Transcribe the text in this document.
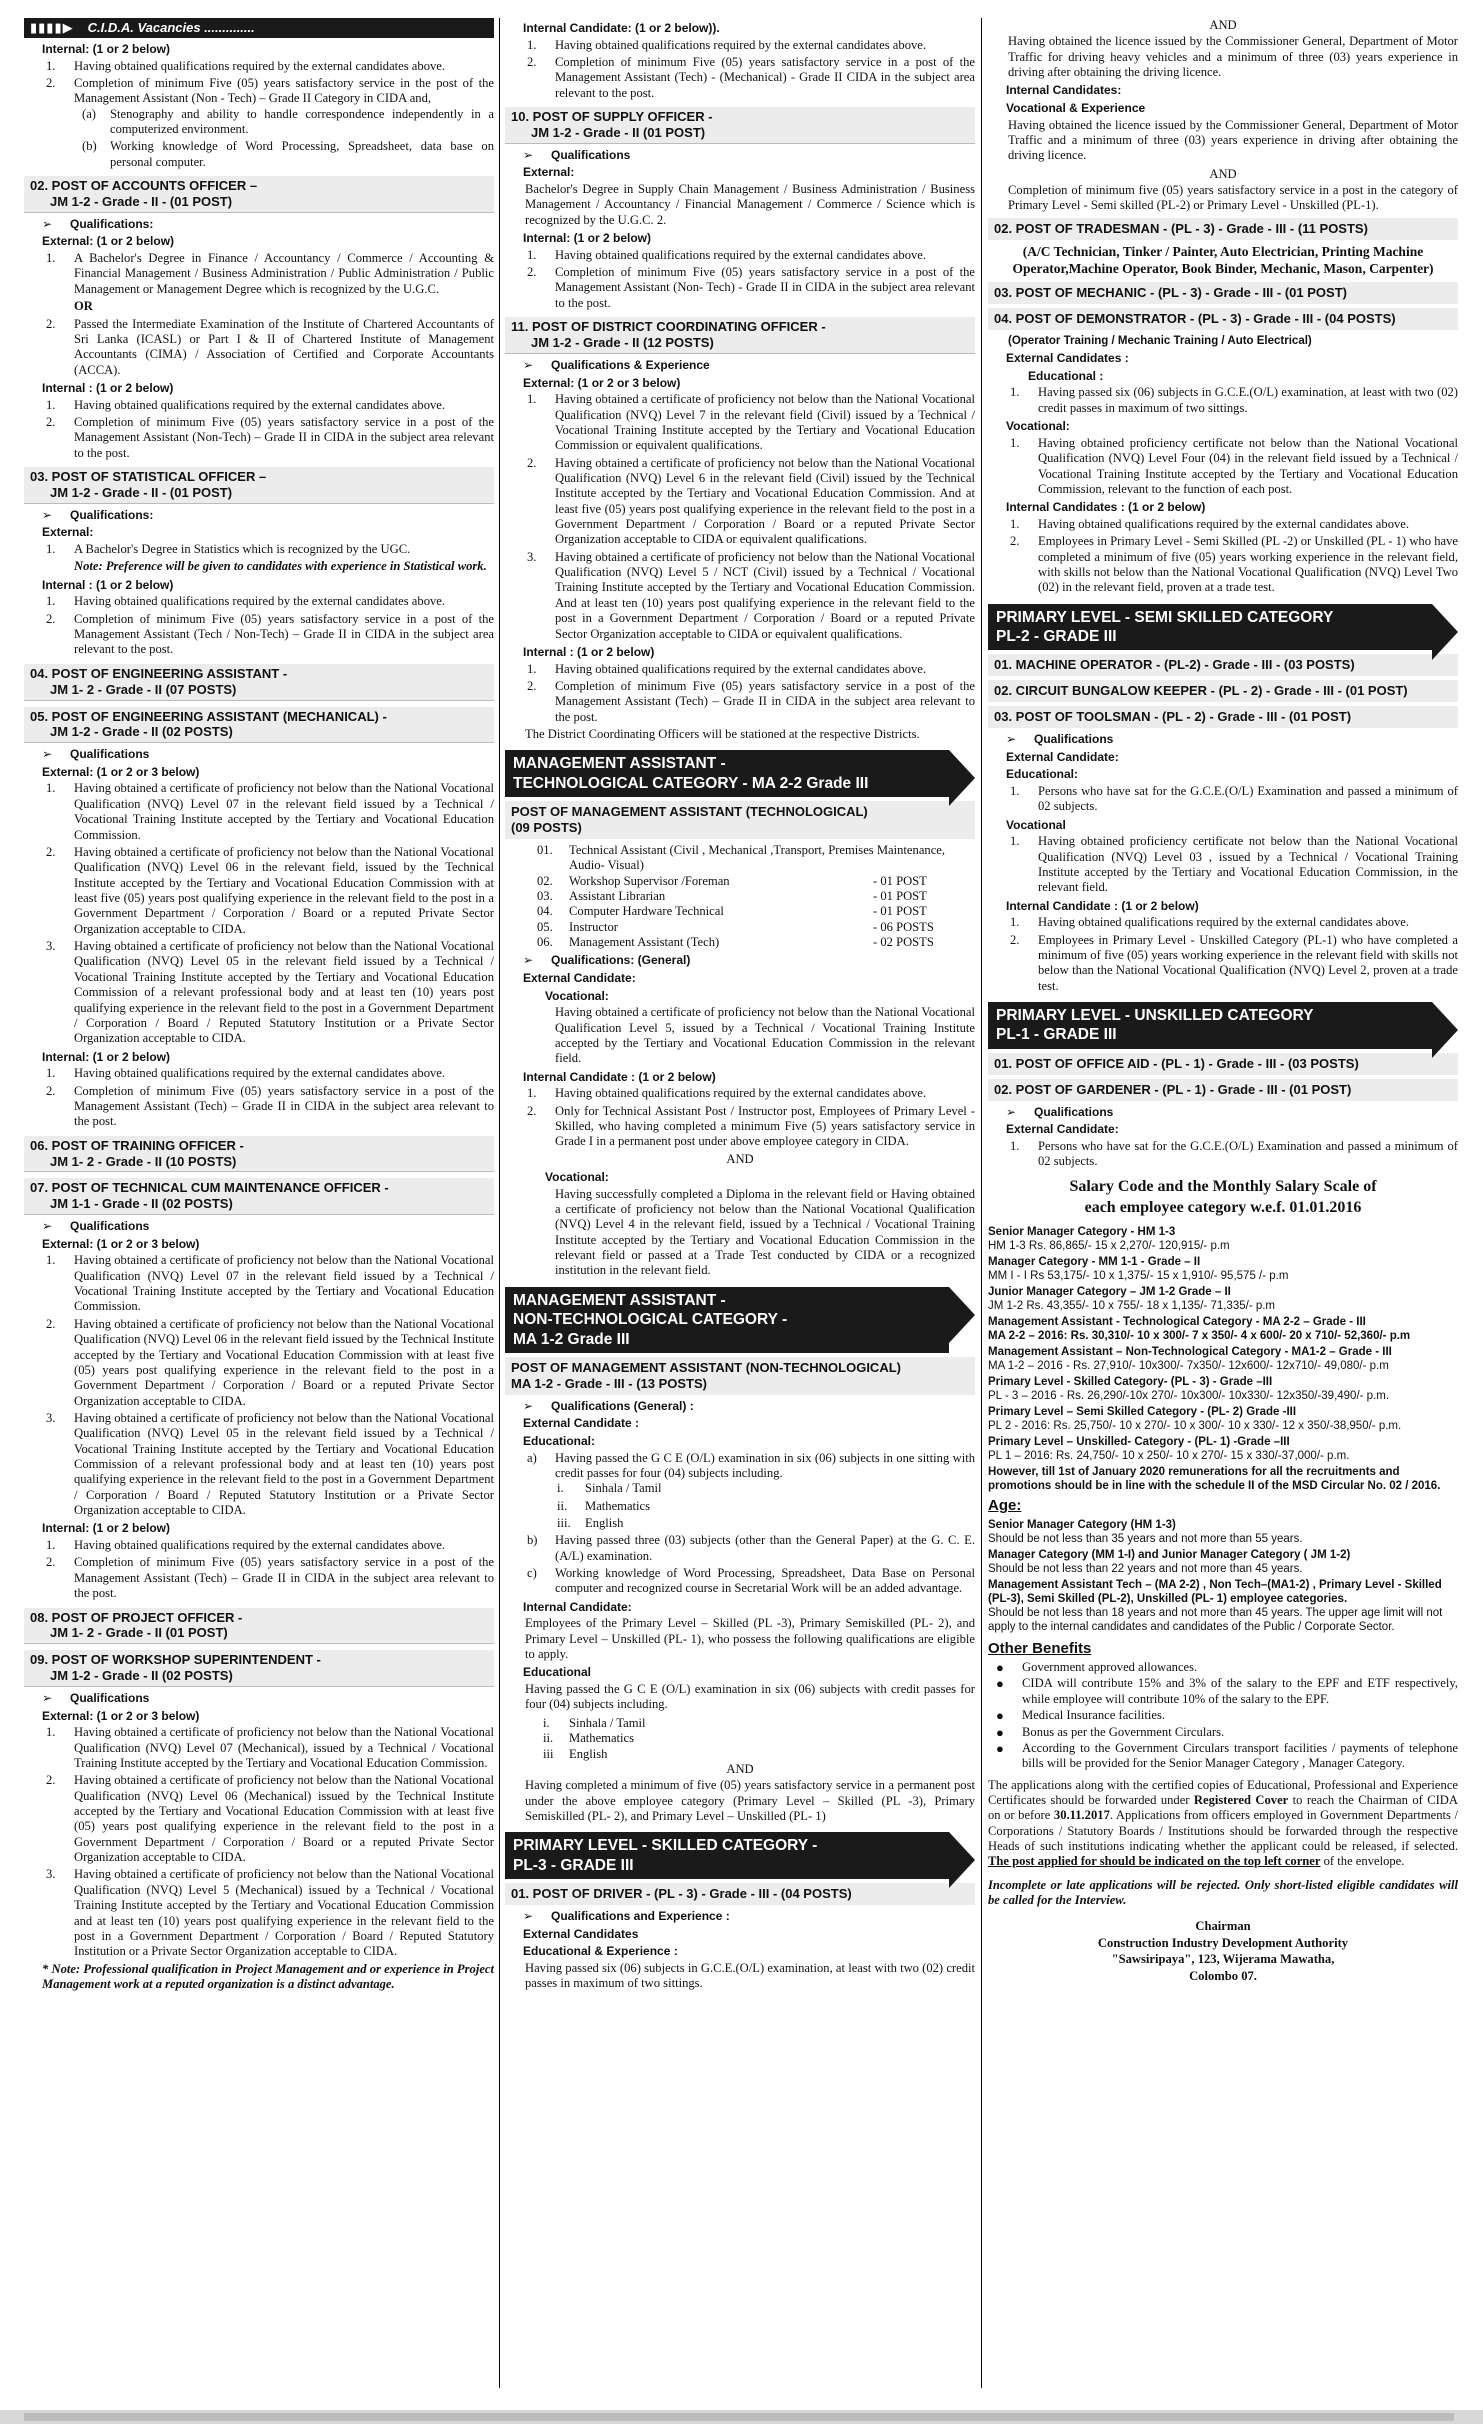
▮▮▮▮▶ C.I.D.A. Vacancies ..............
Internal: (1 or 2 below)
1. Having obtained qualifications required by the external candidates above.
2. Completion of minimum Five (05) years satisfactory service in the post of the Management Assistant (Non - Tech) – Grade II Category in CIDA and,
(a) Stenography and ability to handle correspondence independently in a computerized environment.
(b) Working knowledge of Word Processing, Spreadsheet, data base on personal computer.
02. POST OF ACCOUNTS OFFICER –
JM 1-2 - Grade - II - (01 POST)
➢ Qualifications:
External: (1 or 2 below)
1. A Bachelor's Degree in Finance / Accountancy / Commerce / Accounting & Financial Management / Business Administration / Public Administration / Public Management or Management Degree which is recognized by the U.G.C.
OR
2. Passed the Intermediate Examination of the Institute of Chartered Accountants of Sri Lanka (ICASL) or Part I & II of Chartered Institute of Management Accountants (CIMA) / Association of Certified and Corporate Accountants (ACCA).
Internal : (1 or 2 below)
1. Having obtained qualifications required by the external candidates above.
2. Completion of minimum Five (05) years satisfactory service in a post of the Management Assistant (Non-Tech) – Grade II in CIDA in the subject area relevant to the post.
03. POST OF STATISTICAL OFFICER –
JM 1-2 - Grade - II - (01 POST)
➢ Qualifications:
External:
1. A Bachelor's Degree in Statistics which is recognized by the UGC.
Note: Preference will be given to candidates with experience in Statistical work.
Internal : (1 or 2 below)
1. Having obtained qualifications required by the external candidates above.
2. Completion of minimum Five (05) years satisfactory service in a post of the Management Assistant (Tech / Non-Tech) – Grade II in CIDA in the subject area relevant to the post.
04. POST OF ENGINEERING ASSISTANT -
JM 1- 2 - Grade - II (07 POSTS)
05. POST OF ENGINEERING ASSISTANT (MECHANICAL) -
JM 1-2 - Grade - II (02 POSTS)
➢ Qualifications
External: (1 or 2 or 3 below)
1. Having obtained a certificate of proficiency not below than the National Vocational Qualification (NVQ) Level 07 in the relevant field issued by a Technical / Vocational Training Institute accepted by the Tertiary and Vocational Education Commission.
2. Having obtained a certificate of proficiency not below than the National Vocational Qualification (NVQ) Level 06 in the relevant field, issued by the Technical Institute accepted by the Tertiary and Vocational Education Commission with at least five (05) years post qualifying experience in the relevant field to the post in a Government Department / Corporation / Board or a reputed Private Sector Organization acceptable to CIDA.
3. Having obtained a certificate of proficiency not below than the National Vocational Qualification (NVQ) Level 05 in the relevant field issued by a Technical / Vocational Training Institute accepted by the Tertiary and Vocational Education Commission of a relevant professional body and at least ten (10) years post qualifying experience in the relevant field to the post in a Government Department / Corporation / Board / Reputed Statutory Institution or a Private Sector Organization acceptable to CIDA.
Internal: (1 or 2 below)
1. Having obtained qualifications required by the external candidates above.
2. Completion of minimum Five (05) years satisfactory service in a post of the Management Assistant (Tech) – Grade II in CIDA in the subject area relevant to the post.
06. POST OF TRAINING OFFICER -
JM 1- 2 - Grade - II (10 POSTS)
07. POST OF TECHNICAL CUM MAINTENANCE OFFICER -
JM 1-1 - Grade - II (02 POSTS)
➢ Qualifications
External: (1 or 2 or 3 below)
1. Having obtained a certificate of proficiency not below than the National Vocational Qualification (NVQ) Level 07 in the relevant field issued by a Technical / Vocational Training Institute accepted by the Tertiary and Vocational Education Commission.
2. Having obtained a certificate of proficiency not below than the National Vocational Qualification (NVQ) Level 06 in the relevant field issued by the Technical Institute accepted by the Tertiary and Vocational Education Commission with at least five (05) years post qualifying experience in the relevant field to the post in a Government Department / Corporation / Board or a reputed Private Sector Organization acceptable to CIDA.
3. Having obtained a certificate of proficiency not below than the National Vocational Qualification (NVQ) Level 05 in the relevant field issued by a Technical / Vocational Training Institute accepted by the Tertiary and Vocational Education Commission of a relevant professional body and at least ten (10) years post qualifying experience in the relevant field to the post in a Government Department / Corporation / Board / Reputed Statutory Institution or a Private Sector Organization acceptable to CIDA.
Internal: (1 or 2 below)
1. Having obtained qualifications required by the external candidates above.
2. Completion of minimum Five (05) years satisfactory service in a post of the Management Assistant (Tech) – Grade II in CIDA in the subject area relevant to the post.
08. POST OF PROJECT OFFICER -
JM 1- 2 - Grade - II (01 POST)
09. POST OF WORKSHOP SUPERINTENDENT -
JM 1-2 - Grade - II (02 POSTS)
➢ Qualifications
External: (1 or 2 or 3 below)
1. Having obtained a certificate of proficiency not below than the National Vocational Qualification (NVQ) Level 07 (Mechanical), issued by a Technical / Vocational Training Institute accepted by the Tertiary and Vocational Education Commission.
2. Having obtained a certificate of proficiency not below than the National Vocational Qualification (NVQ) Level 06 (Mechanical) issued by the Technical Institute accepted by the Tertiary and Vocational Education Commission with at least five (05) years post qualifying experience in the relevant field to the post in a Government Department / Corporation / Board or a reputed Private Sector Organization acceptable to CIDA.
3. Having obtained a certificate of proficiency not below than the National Vocational Qualification (NVQ) Level 5 (Mechanical) issued by a Technical / Vocational Training Institute accepted by the Tertiary and Vocational Education Commission and at least ten (10) years post qualifying experience in the relevant field to the post in a Government Department / Corporation / Board / Reputed Statutory Institution or a Private Sector Organization acceptable to CIDA.
* Note: Professional qualification in Project Management and or experience in Project Management work at a reputed organization is a distinct advantage.
Internal Candidate: (1 or 2 below)).
1. Having obtained qualifications required by the external candidates above.
2. Completion of minimum Five (05) years satisfactory service in a post of the Management Assistant (Tech) - (Mechanical) - Grade II CIDA in the subject area relevant to the post.
10. POST OF SUPPLY OFFICER -
JM 1-2 - Grade - II (01 POST)
➢ Qualifications
External:
Bachelor's Degree in Supply Chain Management / Business Administration / Business Management / Accountancy / Financial Management / Commerce / Science which is recognized by the U.G.C. 2.
Internal: (1 or 2 below)
1. Having obtained qualifications required by the external candidates above.
2. Completion of minimum Five (05) years satisfactory service in a post of the Management Assistant (Non- Tech) - Grade II in CIDA in the subject area relevant to the post.
11. POST OF DISTRICT COORDINATING OFFICER -
JM 1-2 - Grade - II (12 POSTS)
➢ Qualifications & Experience
External: (1 or 2 or 3 below)
1. Having obtained a certificate of proficiency not below than the National Vocational Qualification (NVQ) Level 7 in the relevant field (Civil) issued by a Technical / Vocational Training Institute accepted by the Tertiary and Vocational Education Commission or equivalent qualifications.
2. Having obtained a certificate of proficiency not below than the National Vocational Qualification (NVQ) Level 6 in the relevant field (Civil) issued by the Technical Institute accepted by the Tertiary and Vocational Education Commission. And at least five (05) years post qualifying experience in the relevant field to the post in a Government Department / Corporation / Board or a reputed Private Sector Organization acceptable to CIDA or equivalent qualifications.
3. Having obtained a certificate of proficiency not below than the National Vocational Qualification (NVQ) Level 5 / NCT (Civil) issued by a Technical / Vocational Training Institute accepted by the Tertiary and Vocational Education Commission. And at least ten (10) years post qualifying experience in the relevant field to the post in a Government Department / Corporation / Board or a reputed Private Sector Organization acceptable to CIDA or equivalent qualifications.
Internal : (1 or 2 below)
1. Having obtained qualifications required by the external candidates above.
2. Completion of minimum Five (05) years satisfactory service in a post of the Management Assistant (Tech) – Grade II in CIDA in the subject area relevant to the post.
The District Coordinating Officers will be stationed at the respective Districts.
MANAGEMENT ASSISTANT -
TECHNOLOGICAL CATEGORY - MA 2-2 Grade III
POST OF MANAGEMENT ASSISTANT (TECHNOLOGICAL)
(09 POSTS)
01.	Technical Assistant (Civil , Mechanical ,Transport, Premises Maintenance, Audio- Visual)	
02.	Workshop Supervisor /Foreman	- 01 POST
03.	Assistant Librarian	- 01 POST
04.	Computer Hardware Technical	- 01 POST
05.	Instructor	- 06 POSTS
06.	Management Assistant (Tech)	- 02 POSTS
➢ Qualifications: (General)
External Candidate:
Vocational:
Having obtained a certificate of proficiency not below than the National Vocational Qualification Level 5, issued by a Technical / Vocational Training Institute accepted by the Tertiary and Vocational Education Commission in the relevant field.
Internal Candidate : (1 or 2 below)
1. Having obtained qualifications required by the external candidates above.
2. Only for Technical Assistant Post / Instructor post, Employees of Primary Level - Skilled, who having completed a minimum Five (5) years satisfactory service in Grade I in a permanent post under above employee category in CIDA.
AND
Vocational:
Having successfully completed a Diploma in the relevant field or Having obtained a certificate of proficiency not below than the National Vocational Qualification (NVQ) Level 4 in the relevant field, issued by a Technical / Vocational Training Institute accepted by the Tertiary and Vocational Education Commission in the relevant field or passed at a Trade Test conducted by CIDA or a recognized institution in the relevant field.
MANAGEMENT ASSISTANT -
NON-TECHNOLOGICAL CATEGORY -
MA 1-2 Grade III
POST OF MANAGEMENT ASSISTANT (NON-TECHNOLOGICAL)
MA 1-2 - Grade - III - (13 POSTS)
➢ Qualifications (General) :
External Candidate :
Educational:
a) Having passed the G C E (O/L) examination in six (06) subjects in one sitting with credit passes for four (04) subjects including.
i. Sinhala / Tamil
ii. Mathematics
iii. English
b) Having passed three (03) subjects (other than the General Paper) at the G. C. E. (A/L) examination.
c) Working knowledge of Word Processing, Spreadsheet, Data Base on Personal computer and recognized course in Secretarial Work will be an added advantage.
Internal Candidate:
Employees of the Primary Level – Skilled (PL -3), Primary Semiskilled (PL- 2), and Primary Level – Unskilled (PL- 1), who possess the following qualifications are eligible to apply.
Educational
Having passed the G C E (O/L) examination in six (06) subjects with credit passes for four (04) subjects including.
i. Sinhala / Tamil
ii. Mathematics
iii English
AND
Having completed a minimum of five (05) years satisfactory service in a permanent post under the above employee category (Primary Level – Skilled (PL -3), Primary Semiskilled (PL- 2), and Primary Level – Unskilled (PL- 1)
PRIMARY LEVEL - SKILLED CATEGORY -
PL-3 - GRADE III
01. POST OF DRIVER - (PL - 3) - Grade - III - (04 POSTS)
➢ Qualifications and Experience :
External Candidates
Educational & Experience :
Having passed six (06) subjects in G.C.E.(O/L) examination, at least with two (02) credit passes in maximum of two sittings.
AND
Having obtained the licence issued by the Commissioner General, Department of Motor Traffic for driving heavy vehicles and a minimum of three (03) years experience in driving after obtaining the driving licence.
Internal Candidates:
Vocational & Experience
Having obtained the licence issued by the Commissioner General, Department of Motor Traffic and a minimum of three (03) years experience in driving after obtaining the driving licence.
AND
Completion of minimum five (05) years satisfactory service in a post in the category of Primary Level - Semi skilled (PL-2) or Primary Level - Unskilled (PL-1).
02. POST OF TRADESMAN - (PL - 3) - Grade - III - (11 POSTS)
(A/C Technician, Tinker / Painter, Auto Electrician, Printing Machine Operator,Machine Operator, Book Binder, Mechanic, Mason, Carpenter)
03. POST OF MECHANIC - (PL - 3) - Grade - III - (01 POST)
04. POST OF DEMONSTRATOR - (PL - 3) - Grade - III - (04 POSTS)
(Operator Training / Mechanic Training / Auto Electrical)
External Candidates :
Educational :
1. Having passed six (06) subjects in G.C.E.(O/L) examination, at least with two (02) credit passes in maximum of two sittings.
Vocational:
1. Having obtained proficiency certificate not below than the National Vocational Qualification (NVQ) Level Four (04) in the relevant field issued by a Technical / Vocational Training Institute accepted by the Tertiary and Vocational Education Commission, relevant to the function of each post.
Internal Candidates : (1 or 2 below)
1. Having obtained qualifications required by the external candidates above.
2. Employees in Primary Level - Semi Skilled (PL -2) or Unskilled (PL - 1) who have completed a minimum of five (05) years working experience in the relevant field, with skills not below than the National Vocational Qualification (NVQ) Level Two (02) in the relevant field, proven at a trade test.
PRIMARY LEVEL - SEMI SKILLED CATEGORY
PL-2 - GRADE III
01. MACHINE OPERATOR - (PL-2) - Grade - III - (03 POSTS)
02. CIRCUIT BUNGALOW KEEPER - (PL - 2) - Grade - III - (01 POST)
03. POST OF TOOLSMAN - (PL - 2) - Grade - III - (01 POST)
➢ Qualifications
External Candidate:
Educational:
1. Persons who have sat for the G.C.E.(O/L) Examination and passed a minimum of 02 subjects.
Vocational
1. Having obtained proficiency certificate not below than the National Vocational Qualification (NVQ) Level 03 , issued by a Technical / Vocational Training Institute accepted by the Tertiary and Vocational Education Commission, in the relevant field.
Internal Candidate : (1 or 2 below)
1. Having obtained qualifications required by the external candidates above.
2. Employees in Primary Level - Unskilled Category (PL-1) who have completed a minimum of five (05) years working experience in the relevant field with skills not below than the National Vocational Qualification (NVQ) Level 2, proven at a trade test.
PRIMARY LEVEL - UNSKILLED CATEGORY
PL-1 - GRADE III
01. POST OF OFFICE AID - (PL - 1) - Grade - III - (03 POSTS)
02. POST OF GARDENER - (PL - 1) - Grade - III - (01 POST)
➢ Qualifications
External Candidate:
1. Persons who have sat for the G.C.E.(O/L) Examination and passed a minimum of 02 subjects.
Salary Code and the Monthly Salary Scale of
each employee category w.e.f. 01.01.2016
Senior Manager Category - HM 1-3
HM 1-3 Rs. 86,865/- 15 x 2,270/- 120,915/- p.m
Manager Category - MM 1-1 - Grade – II
MM I - I Rs 53,175/- 10 x 1,375/- 15 x 1,910/- 95,575 /- p.m
Junior Manager Category – JM 1-2 Grade – II
JM 1-2 Rs. 43,355/- 10 x 755/- 18 x 1,135/- 71,335/- p.m
Management Assistant - Technological Category - MA 2-2 – Grade - III
MA 2-2 – 2016: Rs. 30,310/- 10 x 300/- 7 x 350/- 4 x 600/- 20 x 710/- 52,360/- p.m
Management Assistant – Non-Technological Category - MA1-2 – Grade - III
MA 1-2 – 2016 - Rs. 27,910/- 10x300/- 7x350/- 12x600/- 12x710/- 49,080/- p.m
Primary Level - Skilled Category- (PL - 3) - Grade –III
PL - 3 – 2016 - Rs. 26,290/-10x 270/- 10x300/- 10x330/- 12x350/-39,490/- p.m.
Primary Level – Semi Skilled Category - (PL- 2) Grade -III
PL 2 - 2016: Rs. 25,750/- 10 x 270/- 10 x 300/- 10 x 330/- 12 x 350/-38,950/- p.m.
Primary Level – Unskilled- Category - (PL- 1) -Grade –III
PL 1 – 2016: Rs. 24,750/- 10 x 250/- 10 x 270/- 15 x 330/-37,000/- p.m.
However, till 1st of January 2020 remunerations for all the recruitments and promotions should be in line with the schedule II of the MSD Circular No. 02 / 2016.
Age:
Senior Manager Category (HM 1-3)
Should be not less than 35 years and not more than 55 years.
Manager Category (MM 1-I) and Junior Manager Category ( JM 1-2)
Should be not less than 22 years and not more than 45 years.
Management Assistant Tech – (MA 2-2) , Non Tech–(MA1-2) , Primary Level - Skilled (PL-3), Semi Skilled (PL-2), Unskilled (PL- 1) employee categories.
Should be not less than 18 years and not more than 45 years. The upper age limit will not apply to the internal candidates and candidates of the Public / Corporate Sector.
Other Benefits
● Government approved allowances.
● CIDA will contribute 15% and 3% of the salary to the EPF and ETF respectively, while employee will contribute 10% of the salary to the EPF.
● Medical Insurance facilities.
● Bonus as per the Government Circulars.
● According to the Government Circulars transport facilities / payments of telephone bills will be provided for the Senior Manager Category , Manager Category.
The applications along with the certified copies of Educational, Professional and Experience Certificates should be forwarded under Registered Cover to reach the Chairman of CIDA on or before 30.11.2017. Applications from officers employed in Government Departments / Corporations / Statutory Boards / Institutions should be forwarded through the respective Heads of such institutions indicating whether the applicant could be released, if selected. The post applied for should be indicated on the top left corner of the envelope.
Incomplete or late applications will be rejected. Only short-listed eligible candidates will be called for the Interview.
Chairman
Construction Industry Development Authority
"Sawsiripaya", 123, Wijerama Mawatha,
Colombo 07.
